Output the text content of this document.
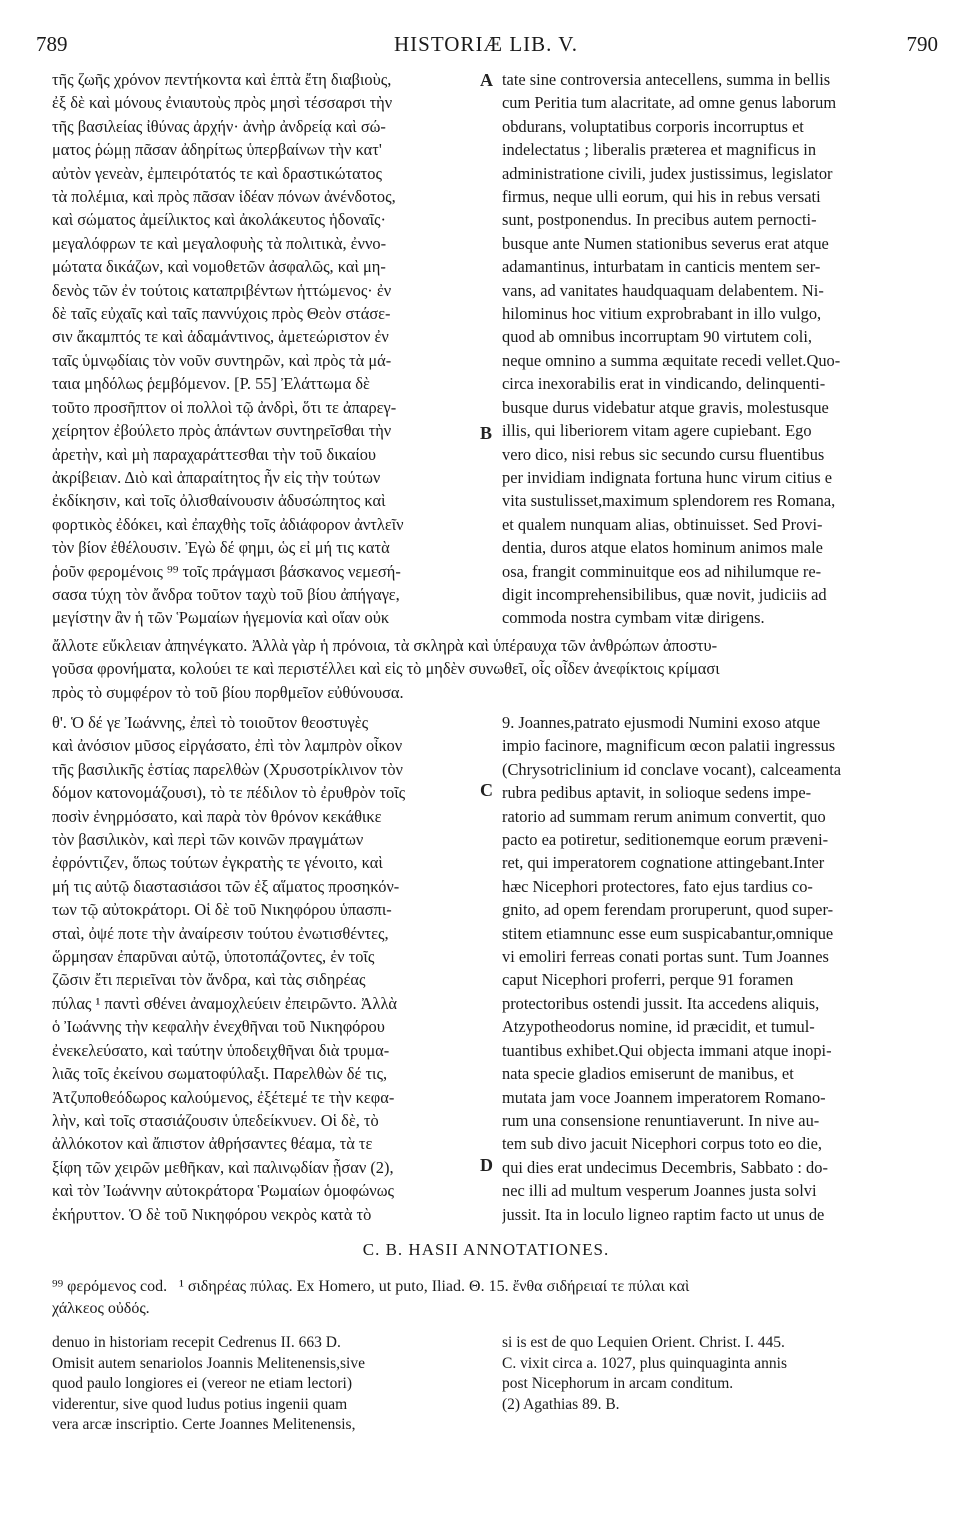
HISTORIÆ LIB. V.
789	790
τῆς ζωῆς χρόνον πεντήκοντα καὶ ἑπτὰ ἔτη διαβιοὺς,
ἐξ δὲ καὶ μόνους ἐνιαυτοὺς πρὸς μησὶ τέσσαρσι τὴν
τῆς βασιλείας ἰθύνας ἀρχήν· ἀνὴρ ἀνδρείᾳ καὶ σώ-
ματος ῥώμῃ πᾶσαν ἀδηρίτως ὑπερβαίνων τὴν κατ'
αὐτὸν γενεὰν, ἐμπειρότατός τε καὶ δραστικώτατος
τὰ πολέμια, καὶ πρὸς πᾶσαν ἰδέαν πόνων ἀνένδοτος,
καὶ σώματος ἀμείλικτος καὶ ἀκολάκευτος ἡδοναῖς·
μεγαλόφρων τε καὶ μεγαλοφυὴς τὰ πολιτικὰ, ἐννο-
μώτατα δικάζων, καὶ νομοθετῶν ἀσφαλῶς, καὶ μη-
δενὸς τῶν ἐν τούτοις καταπριβέντων ἡττώμενος· ἐν
δὲ ταῖς εὐχαῖς καὶ ταῖς παννύχοις πρὸς Θεὸν στάσε-
σιν ἄκαμπτός τε καὶ ἀδαμάντινος, ἀμετεώριστον ἐν
ταῖς ὑμνῳδίαις τὸν νοῦν συντηρῶν, καὶ πρὸς τὰ μά-
ταια μηδόλως ῥεμβόμενον. [P. 55] Ἐλάττωμα δὲ
τοῦτο προσῆπτον οἱ πολλοὶ τῷ ἀνδρὶ, ὅτι τε ἀπαρεγ-
χείρητον ἐβούλετο πρὸς ἁπάντων συντηρεῖσθαι τὴν
ἀρετὴν, καὶ μὴ παραχαράττεσθαι τὴν τοῦ δικαίου
ἀκρίβειαν. Διὸ καὶ ἀπαραίτητος ἦν εἰς τὴν τούτων
ἐκδίκησιν, καὶ τοῖς ὀλισθαίνουσιν ἀδυσώπητος καὶ
φορτικὸς ἐδόκει, καὶ ἐπαχθὴς τοῖς ἀδιάφορον ἀντλεῖν
τὸν βίον ἐθέλουσιν. Ἐγὼ δέ φημι, ὡς εἰ μή τις κατὰ
ῥοῦν φερομένοις ⁹⁹ τοῖς πράγμασι βάσκανος νεμεσή-
σασα τύχη τὸν ἄνδρα τοῦτον ταχὺ τοῦ βίου ἀπήγαγε,
μεγίστην ἂν ἡ τῶν Ῥωμαίων ἡγεμονία καὶ οἵαν οὐκ
tate sine controversia antecellens, summa in bellis
cum Peritia tum alacritate, ad omne genus laborum
obdurans, voluptatibus corporis incorruptus et
indelectatus ; liberalis præterea et magnificus in
administratione civili, judex justissimus, legislator
firmus, neque ulli eorum, qui his in rebus versati
sunt, postponendus. In precibus autem pernocti-
busque ante Numen stationibus severus erat atque
adamantinus, inturbatam in canticis mentem ser-
vans, ad vanitates haudquaquam delabentem. Ni-
hilominus hoc vitium exprobrabant in illo vulgo,
quod ab omnibus incorruptam 90 virtutem coli,
neque omnino a summa æquitate recedi vellet.Quo-
circa inexorabilis erat in vindicando, delinquenti-
busque durus videbatur atque gravis, molestusque
illis, qui liberiorem vitam agere cupiebant. Ego
vero dico, nisi rebus sic secundo cursu fluentibus
per invidiam indignata fortuna hunc virum citius e
vita sustulisset,maximum splendorem res Romana,
et qualem nunquam alias, obtinuisset. Sed Provi-
dentia, duros atque elatos hominum animos male
osa, frangit comminuitque eos ad nihilumque re-
digit incomprehensibilibus, quæ novit, judiciis ad
commoda nostra cymbam vitæ dirigens.
A
B
ἄλλοτε εὔκλειαν ἀπηνέγκατο. Ἀλλὰ γὰρ ἡ πρόνοια, τὰ σκληρὰ καὶ ὑπέραυχα τῶν ἀνθρώπων ἀποστυ-
γοῦσα φρονήματα, κολούει τε καὶ περιστέλλει καὶ εἰς τὸ μηδὲν συνωθεῖ, οἷς οἶδεν ἀνεφίκτοις κρίμασι
πρὸς τὸ συμφέρον τὸ τοῦ βίου πορθμεῖον εὐθύνουσα.
θ'. Ὁ δέ γε Ἰωάννης, ἐπεὶ τὸ τοιοῦτον θεοστυγὲς
καὶ ἀνόσιον μῦσος εἰργάσατο, ἐπὶ τὸν λαμπρὸν οἶκον
τῆς βασιλικῆς ἑστίας παρελθὼν (Χρυσοτρίκλινον τὸν
δόμον κατονομάζουσι), τὸ τε πέδιλον τὸ ἐρυθρὸν τοῖς
ποσὶν ἐνηρμόσατο, καὶ παρὰ τὸν θρόνον κεκάθικε
τὸν βασιλικὸν, καὶ περὶ τῶν κοινῶν πραγμάτων
ἐφρόντιζεν, ὅπως τούτων ἐγκρατὴς τε γένοιτο, καὶ
μή τις αὐτῷ διαστασιάσοι τῶν ἐξ αἵματος προσηκόν-
των τῷ αὐτοκράτορι. Οἱ δὲ τοῦ Νικηφόρου ὑπασπι-
σταὶ, ὀψέ ποτε τὴν ἀναίρεσιν τούτου ἐνωτισθέντες,
ὥρμησαν ἐπαρῦναι αὐτῷ, ὑποτοπάζοντες, ἐν τοῖς
ζῶσιν ἔτι περιεῖναι τὸν ἄνδρα, καὶ τὰς σιδηρέας
πύλας ¹ παντὶ σθένει ἀναμοχλεύειν ἐπειρῶντο. Ἀλλὰ
ὁ Ἰωάννης τὴν κεφαλὴν ἐνεχθῆναι τοῦ Νικηφόρου
ἐνεκελεύσατο, καὶ ταύτην ὑποδειχθῆναι διὰ τρυμα-
λιᾶς τοῖς ἐκείνου σωματοφύλαξι. Παρελθὼν δέ τις,
Ἀτζυποθεόδωρος καλούμενος, ἐξέτεμέ τε τὴν κεφα-
λὴν, καὶ τοῖς στασιάζουσιν ὑπεδείκνυεν. Οἱ δὲ, τὸ
ἀλλόκοτον καὶ ἄπιστον ἀθρήσαντες θέαμα, τὰ τε
ξίφη τῶν χειρῶν μεθῆκαν, καὶ παλινῳδίαν ᾖσαν (2),
καὶ τὸν Ἰωάννην αὐτοκράτορα Ῥωμαίων ὁμοφώνως
ἐκήρυττον. Ὁ δὲ τοῦ Νικηφόρου νεκρὸς κατὰ τὸ
9. Joannes,patrato ejusmodi Numini exoso atque
impio facinore, magnificum œcon palatii ingressus
(Chrysotriclinium id conclave vocant), calceamenta
rubra pedibus aptavit, in solioque sedens impe-
ratorio ad summam rerum animum convertit, quo
pacto ea potiretur, seditionemque eorum præveni-
ret, qui imperatorem cognatione attingebant.Inter
hæc Nicephori protectores, fato ejus tardius co-
gnito, ad opem ferendam proruperunt, quod super-
stitem etiamnunc esse eum suspicabantur,omnique
vi emoliri ferreas conati portas sunt. Tum Joannes
caput Nicephori proferri, perque 91 foramen
protectoribus ostendi jussit. Ita accedens aliquis,
Atzypotheodorus nomine, id præcidit, et tumul-
tuantibus exhibet.Qui objecta immani atque inopi-
nata specie gladios emiserunt de manibus, et
mutata jam voce Joannem imperatorem Romano-
rum una consensione renuntiaverunt. In nive au-
tem sub divo jacuit Nicephori corpus toto eo die,
qui dies erat undecimus Decembris, Sabbato : do-
nec illi ad multum vesperum Joannes justa solvi
jussit. Ita in loculo ligneo raptim facto ut unus de
C
D
C. B. HASII ANNOTATIONES.
⁹⁹ φερόμενος cod.   ¹ σιδηρέας πύλας. Ex Homero, ut puto, Iliad. Θ. 15. ἔνθα σιδήρειαί τε πύλαι καὶ
χάλκεος οὐδός.
denuo in historiam recepit Cedrenus II. 663 D.
Omisit autem senariolos Joannis Melitenensis,sive
quod paulo longiores ei (vereor ne etiam lectori)
viderentur, sive quod ludus potius ingenii quam
vera arcæ inscriptio. Certe Joannes Melitenensis,
si is est de quo Lequien Orient. Christ. I. 445.
C. vixit circa a. 1027, plus quinquaginta annis
post Nicephorum in arcam conditum.
(2) Agathias 89. B.
